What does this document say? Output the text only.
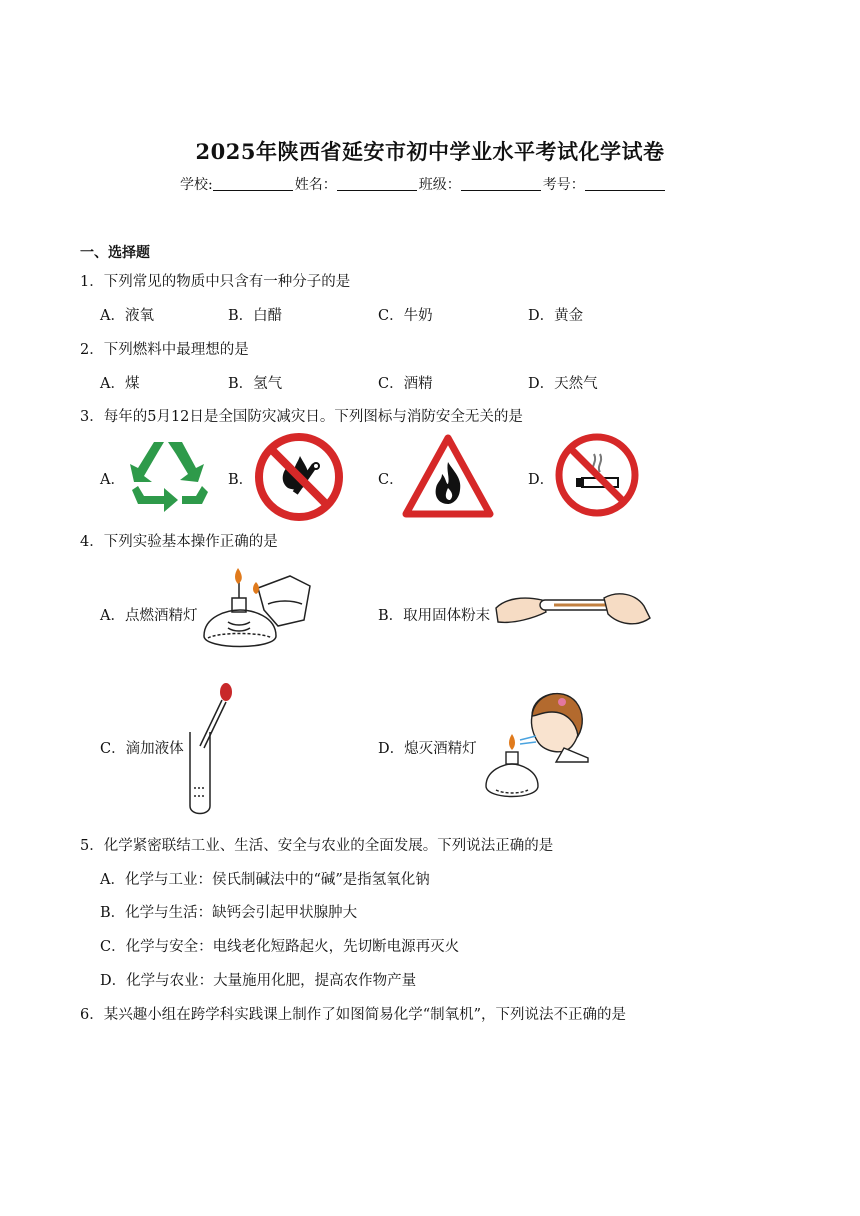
2025年陕西省延安市初中学业水平考试化学试卷
学校:	姓名：	班级：	考号：
一、选择题
1．下列常见的物质中只含有一种分子的是
A．液氧	B．白醋	C．牛奶	D．黄金
2．下列燃料中最理想的是
A．煤	B．氢气	C．酒精	D．天然气
3．每年的5月12日是全国防灾减灾日。下列图标与消防安全无关的是
A．	B．	C．	D．
4．下列实验基本操作正确的是
A．点燃酒精灯	B．取用固体粉末
C．滴加液体	D．熄灭酒精灯
5．化学紧密联结工业、生活、安全与农业的全面发展。下列说法正确的是
A．化学与工业：侯氏制碱法中的“碱”是指氢氧化钠
B．化学与生活：缺钙会引起甲状腺肿大
C．化学与安全：电线老化短路起火，先切断电源再灭火
D．化学与农业：大量施用化肥，提高农作物产量
6．某兴趣小组在跨学科实践课上制作了如图简易化学“制氧机”，下列说法不正确的是
